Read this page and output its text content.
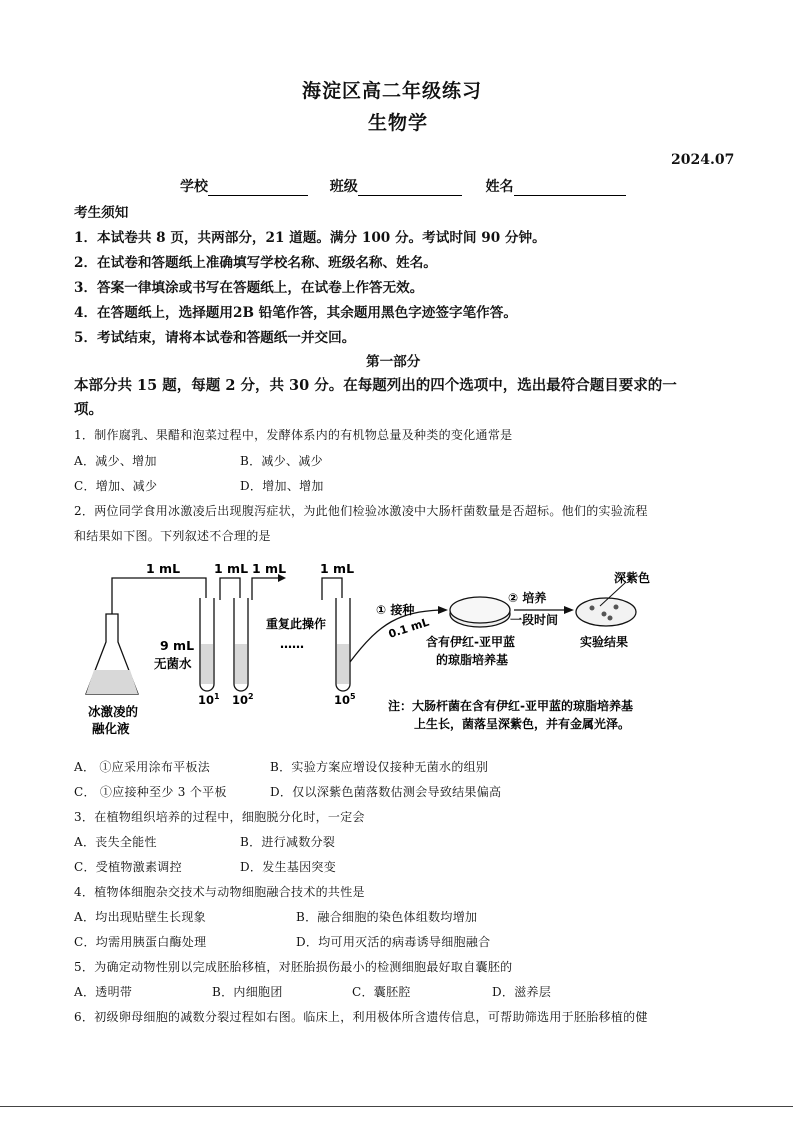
海淀区高二年级练习
生物学
2024.07
学校	班级	姓名
考生须知
1．本试卷共 8 页，共两部分，21 道题。满分 100 分。考试时间 90 分钟。
2．在试卷和答题纸上准确填写学校名称、班级名称、姓名。
3．答案一律填涂或书写在答题纸上，在试卷上作答无效。
4．在答题纸上，选择题用2B 铅笔作答，其余题用黑色字迹签字笔作答。
5．考试结束，请将本试卷和答题纸一并交回。
第一部分
本部分共 15 题，每题 2 分，共 30 分。在每题列出的四个选项中，选出最符合题目要求的一
项。
1．制作腐乳、果醋和泡菜过程中，发酵体系内的有机物总量及种类的变化通常是
A．减少、增加	B．减少、减少
C．增加、减少	D．增加、增加
2．两位同学食用冰激凌后出现腹泻症状，为此他们检验冰激凌中大肠杆菌数量是否超标。他们的实验流程
和结果如下图。下列叙述不合理的是
1 mL	1 mL 1 mL	1 mL
9 mL
无菌水
冰激凌的
融化液
重复此操作
……
$10^1$ $10^2$	$10^5$
① 接种
0.1 mL
② 培养
一段时间
含有伊红-亚甲蓝
的琼脂培养基
深紫色
实验结果
注：大肠杆菌在含有伊红-亚甲蓝的琼脂培养基
上生长，菌落呈深紫色，并有金属光泽。
A． ①应采用涂布平板法	B．实验方案应增设仅接种无菌水的组别
C． ①应接种至少 3 个平板	D．仅以深紫色菌落数估测会导致结果偏高
3．在植物组织培养的过程中，细胞脱分化时，一定会
A．丧失全能性	B．进行减数分裂
C．受植物激素调控	D．发生基因突变
4．植物体细胞杂交技术与动物细胞融合技术的共性是
A．均出现贴壁生长现象	B．融合细胞的染色体组数均增加
C．均需用胰蛋白酶处理	D．均可用灭活的病毒诱导细胞融合
5．为确定动物性别以完成胚胎移植，对胚胎损伤最小的检测细胞最好取自囊胚的
A．透明带	B．内细胞团	C．囊胚腔	D．滋养层
6．初级卵母细胞的减数分裂过程如右图。临床上，利用极体所含遗传信息，可帮助筛选用于胚胎移植的健
